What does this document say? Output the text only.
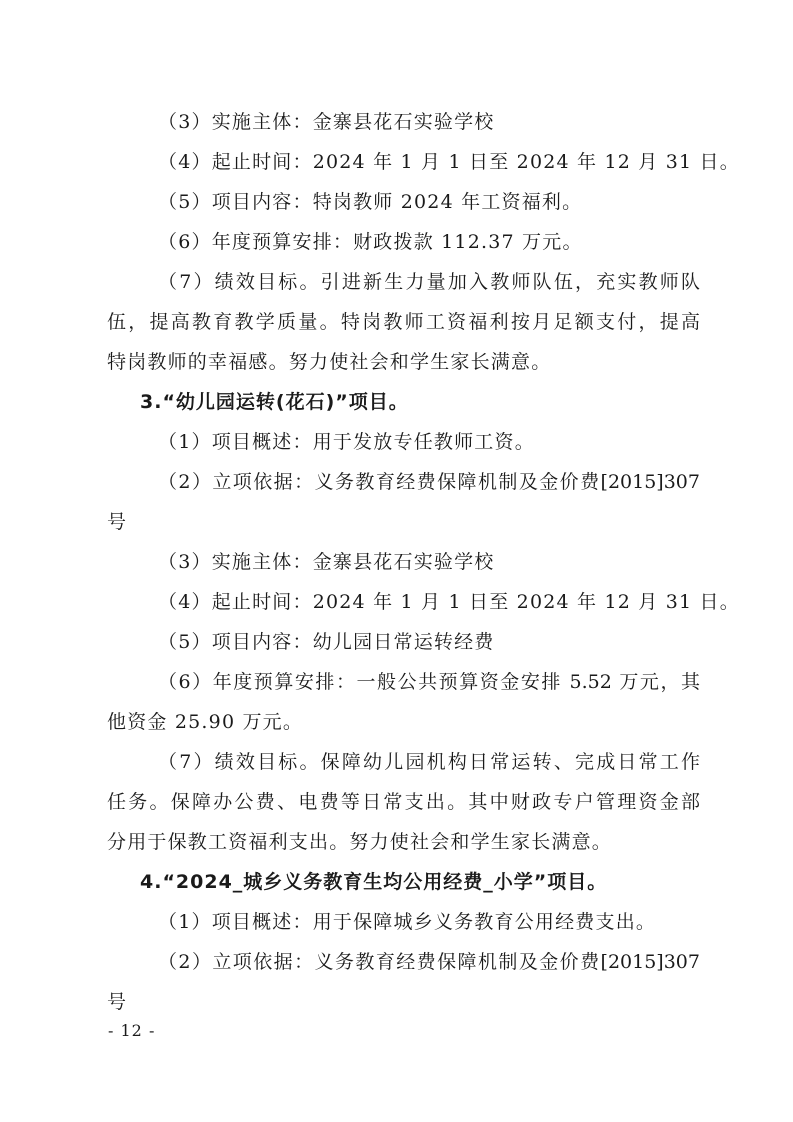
（3）实施主体：金寨县花石实验学校
（4）起止时间：2024 年 1 月 1 日至 2024 年 12 月 31 日。
（5）项目内容：特岗教师 2024 年工资福利。
（6）年度预算安排：财政拨款 112.37 万元。
（7）绩效目标。引进新生力量加入教师队伍，充实教师队
伍，提高教育教学质量。特岗教师工资福利按月足额支付，提高
特岗教师的幸福感。努力使社会和学生家长满意。
3.“幼儿园运转(花石)”项目。
（1）项目概述：用于发放专任教师工资。
（2）立项依据：义务教育经费保障机制及金价费[2015]307
号
（3）实施主体：金寨县花石实验学校
（4）起止时间：2024 年 1 月 1 日至 2024 年 12 月 31 日。
（5）项目内容：幼儿园日常运转经费
（6）年度预算安排：一般公共预算资金安排 5.52 万元，其
他资金 25.90 万元。
（7）绩效目标。保障幼儿园机构日常运转、完成日常工作
任务。保障办公费、电费等日常支出。其中财政专户管理资金部
分用于保教工资福利支出。努力使社会和学生家长满意。
4.“2024_城乡义务教育生均公用经费_小学”项目。
（1）项目概述：用于保障城乡义务教育公用经费支出。
（2）立项依据：义务教育经费保障机制及金价费[2015]307
号
- 12 -
